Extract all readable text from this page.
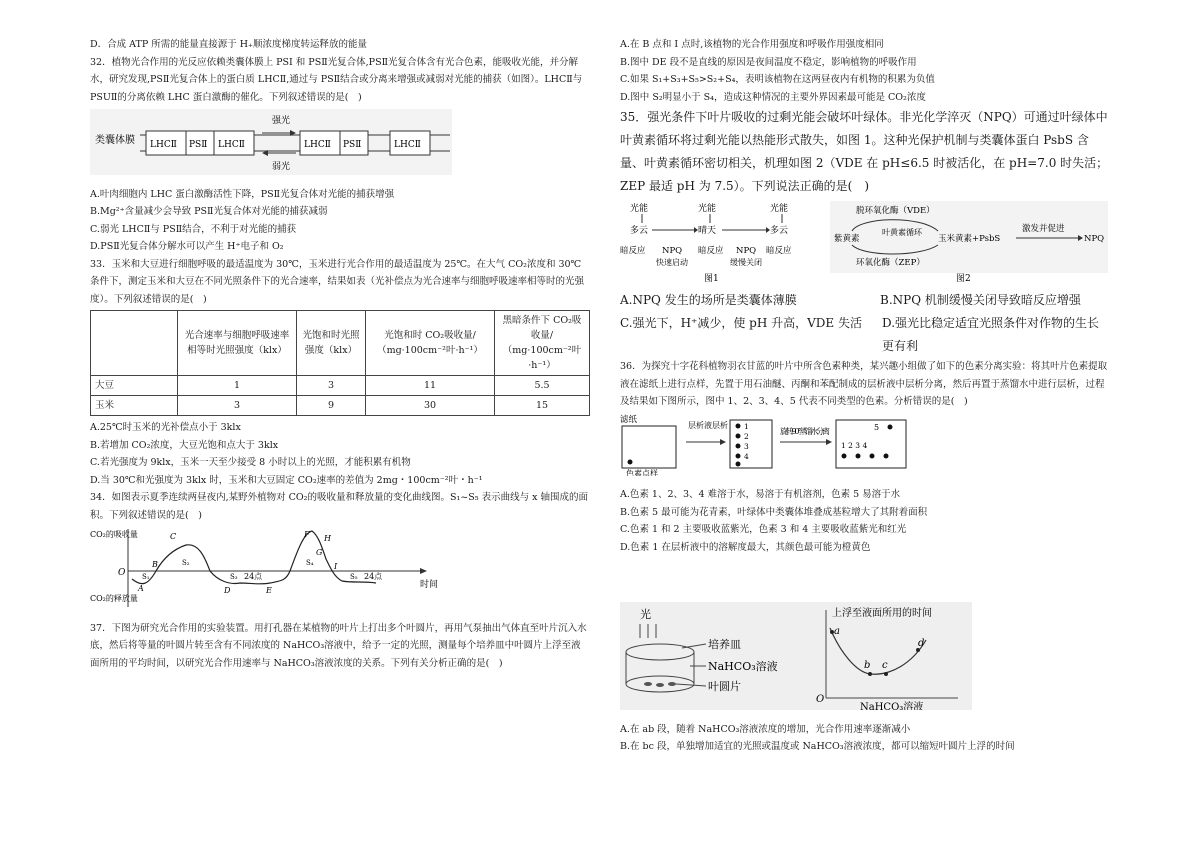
D．合成 ATP 所需的能量直接源于 H₊顺浓度梯度转运释放的能量

32．植物光合作用的光反应依赖类囊体膜上 PSI 和 PSⅡ光复合体,PSⅡ光复合体含有光合色素，能吸收光能，并分解水，研究发现,PSⅡ光复合体上的蛋白质 LHCⅡ,通过与 PSⅡ结合或分离来增强或减弱对光能的捕获（如图）。LHCⅡ与 PSUⅡ的分离依赖 LHC 蛋白激酶的催化。下列叙述错误的是(　)

类囊体膜 LHCⅡ PSⅡ LHCⅡ
强光
弱光
LHCⅡ PSⅡ	LHCⅡ

A.叶肉细胞内 LHC 蛋白激酶活性下降，PSⅡ光复合体对光能的捕获增强

B.Mg²⁺含量减少会导致 PSⅡ光复合体对光能的捕获减弱

C.弱光 LHCⅡ与 PSⅡ结合，不利于对光能的捕获

D.PSⅡ光复合体分解水可以产生 H⁺电子和 O₂

33．玉米和大豆进行细胞呼吸的最适温度为 30℃，玉米进行光合作用的最适温度为 25℃。在大气 CO₂浓度和 30℃条件下，测定玉米和大豆在不同光照条件下的光合速率，结果如表（光补偿点为光合速率与细胞呼吸速率相等时的光强度）。下列叙述错误的是(　)

	光合速率与细胞呼吸速率相等时光照强度（klx）	光饱和时光照强度（klx）	光饱和时 CO₂吸收量/（mg·100cm⁻²叶·h⁻¹）	黑暗条件下 CO₂吸收量/（mg·100cm⁻²叶·h⁻¹）
大豆	1	3	11	5.5
玉米	3	9	30	15

A.25℃时玉米的光补偿点小于 3klx

B.若增加 CO₂浓度，大豆光饱和点大于 3klx

C.若光强度为 9klx，玉米一天至少接受 8 小时以上的光照，才能积累有机物

D.当 30℃和光强度为 3klx 时，玉米和大豆固定 CO₂速率的差值为 2mg・100cm⁻²叶・h⁻¹

34．如图表示夏季连续两昼夜内,某野外植物对 CO₂的吸收量和释放量的变化曲线图。S₁~S₅ 表示曲线与 x 轴围成的面积。下列叙述错误的是(　)

CO₂的吸收量
CO₂的释放量
O
时间
A
B
C
D	E
F
G
H
I
S₁
S₂
S₃
S₄
S₅
24点	24点

37．下图为研究光合作用的实验装置。用打孔器在某植物的叶片上打出多个叶圆片，再用气泵抽出气体直至叶片沉入水底，然后将等量的叶圆片转至含有不同浓度的 NaHCO₃溶液中，给予一定的光照，测量每个培养皿中叶圆片上浮至液面所用的平均时间，以研究光合作用速率与 NaHCO₃溶液浓度的关系。下列有关分析正确的是(　)

A.在 B 点和 I 点时,该植物的光合作用强度和呼吸作用强度相同

B.图中 DE 段不是直线的原因是夜间温度不稳定，影响植物的呼吸作用

C.如果 S₁+S₃+S₅>S₂+S₄，表明该植物在这两昼夜内有机物的积累为负值

D.图中 S₂明显小于 S₄，造成这种情况的主要外界因素最可能是 CO₂浓度

35．强光条件下叶片吸收的过剩光能会破坏叶绿体。非光化学淬灭（NPQ）可通过叶绿体中叶黄素循环将过剩光能以热能形式散失，如图 1。这种光保护机制与类囊体蛋白 PsbS 含量、叶黄素循环密切相关，机理如图 2（VDE 在 pH≤6.5 时被活化，在 pH=7.0 时失活；ZEP 最适 pH 为 7.5）。下列说法正确的是(　)

光能	光能	光能
多云	晴天	多云
暗反应 NPQ 暗反应 NPQ 暗反应
快速启动	缓慢关闭
图1
脱环氧化酶（VDE）
紫黄素
叶黄素循环
玉米黄素+PsbS
激发并促进
NPQ
环氧化酶（ZEP）
图2
A.NPQ 发生的场所是类囊体薄膜	B.NPQ 机制缓慢关闭导致暗反应增强
C.强光下，H⁺减少，使 pH 升高，VDE 失活	D.强光比稳定适宜光照条件对作物的生长更有利

36．为探究十字花科植物羽衣甘蓝的叶片中所含色素种类，某兴趣小组做了如下的色素分离实验：将其叶片色素提取液在滤纸上进行点样，先置于用石油醚、丙酮和苯配制成的层析液中层析分离，然后再置于蒸馏水中进行层析，过程及结果如下图所示，图中 1、2、3、4、5 代表不同类型的色素。分析错误的是(　)

滤纸
色素点样
层析液层析 1
2
3
4
旋转90°蒸馏水分离	5
1 2 3 4

A.色素 1、2、3、4 难溶于水，易溶于有机溶剂，色素 5 易溶于水

B.色素 5 最可能为花青素，叶绿体中类囊体堆叠成基粒增大了其附着面积

C.色素 1 和 2 主要吸收蓝紫光，色素 3 和 4 主要吸收蓝紫光和红光

D.色素 1 在层析液中的溶解度最大，其颜色最可能为橙黄色

光
培养皿
NaHCO₃溶液
叶圆片
O
上浮至液面所用的时间
NaHCO₃溶液
a
b c
d

A.在 ab 段，随着 NaHCO₃溶液浓度的增加，光合作用速率逐渐减小

B.在 bc 段，单独增加适宜的光照或温度或 NaHCO₃溶液浓度，都可以缩短叶圆片上浮的时间
